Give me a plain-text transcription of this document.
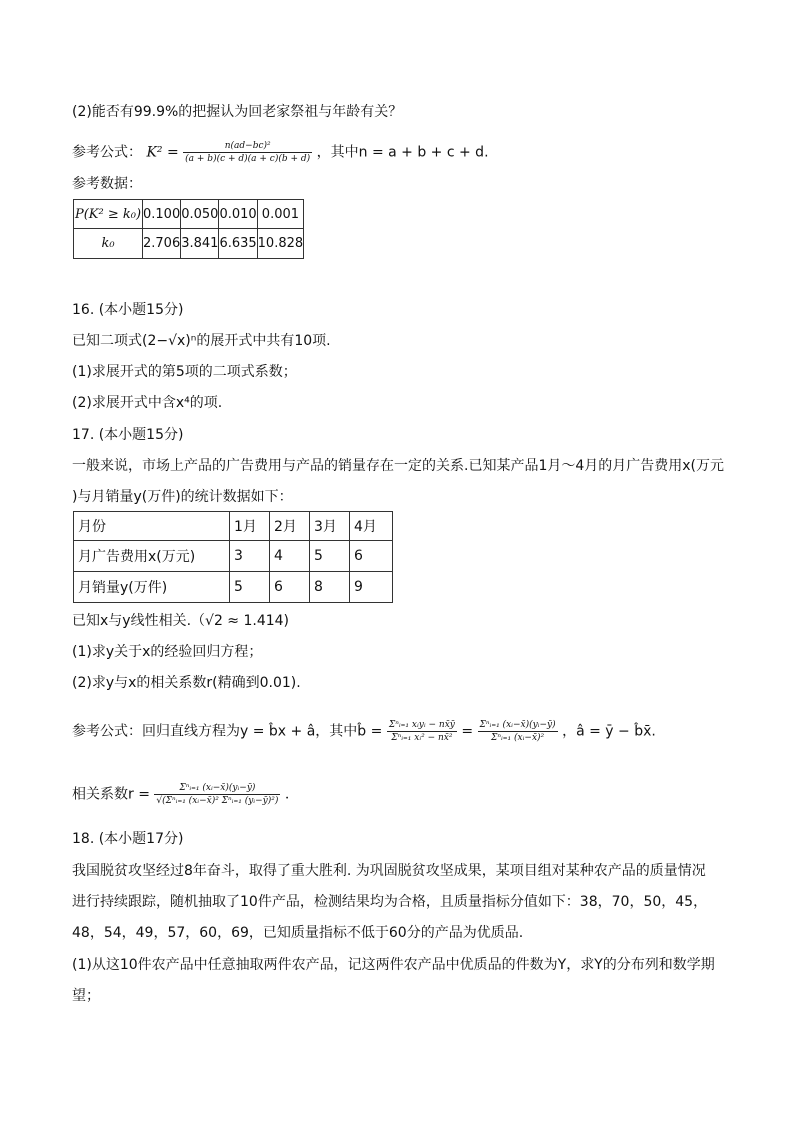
(2)能否有99.9%的把握认为回老家祭祖与年龄有关？
参考公式： $K^2 = \frac{\text{n(ad−bc)²}}{(a + b)(c + d)(a + c)(b + d)}$ ，其中n = a + b + c + d.
参考数据：
P(K² ≥ k₀)	0.100	0.050	0.010	0.001
k₀	2.706	3.841	6.635	10.828
16. (本小题15分)
已知二项式(2−√x)ⁿ的展开式中共有10项.
(1)求展开式的第5项的二项式系数；
(2)求展开式中含x⁴的项.
17. (本小题15分)
一般来说，市场上产品的广告费用与产品的销量存在一定的关系.已知某产品1月～4月的月广告费用x(万元
)与月销量y(万件)的统计数据如下：
月份	1月	2月	3月	4月
月广告费用x(万元)	3	4	5	6
月销量y(万件)	5	6	8	9
已知x与y线性相关.（√2 ≈ 1.414)
(1)求y关于x的经验回归方程；
(2)求y与x的相关系数r(精确到0.01).
参考公式：回归直线方程为y = b̂x + â，其中b̂ = $\frac{\text{Σⁿᵢ₌₁ xᵢyᵢ − nx̄ȳ}}{\text{Σⁿᵢ₌₁ xᵢ² − nx̄²}} = \frac{\text{Σⁿᵢ₌₁ (xᵢ−x̄)(yᵢ−ȳ)}}{\text{Σⁿᵢ₌₁ (xᵢ−x̄)²}}$ ，â = ȳ − b̂x̄.
相关系数$r = \frac{\text{Σⁿᵢ₌₁ (xᵢ−x̄)(yᵢ−ȳ)}}{\text{√(Σⁿᵢ₌₁ (xᵢ−x̄)² Σⁿᵢ₌₁ (yᵢ−ȳ)²)}}$ .
18. (本小题17分)
我国脱贫攻坚经过8年奋斗，取得了重大胜利. 为巩固脱贫攻坚成果，某项目组对某种农产品的质量情况
进行持续跟踪，随机抽取了10件产品，检测结果均为合格，且质量指标分值如下：38，70，50，45，
48，54，49，57，60，69，已知质量指标不低于60分的产品为优质品.
(1)从这10件农产品中任意抽取两件农产品，记这两件农产品中优质品的件数为Y，求Y的分布列和数学期
望；
